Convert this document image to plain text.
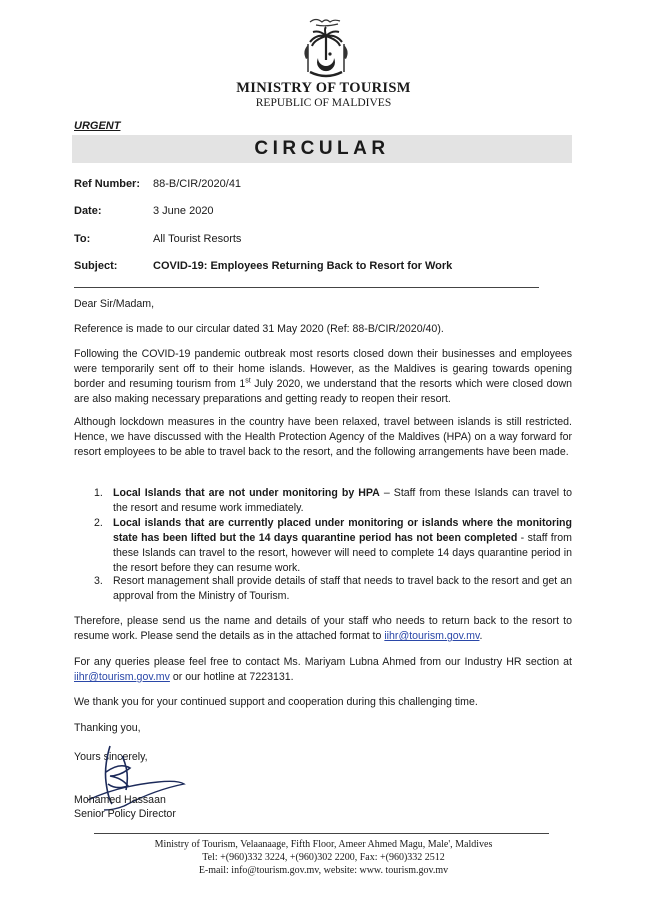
MINISTRY OF TOURISM
REPUBLIC OF MALDIVES
URGENT
CIRCULAR
Ref Number: 88-B/CIR/2020/41
Date:	3 June 2020
To:	All Tourist Resorts
Subject:	COVID-19: Employees Returning Back to Resort for Work
Dear Sir/Madam,
Reference is made to our circular dated 31 May 2020 (Ref: 88-B/CIR/2020/40).
Following the COVID-19 pandemic outbreak most resorts closed down their businesses and employees were temporarily sent off to their home islands. However, as the Maldives is gearing towards opening border and resuming tourism from 1st July 2020, we understand that the resorts which were closed down are also making necessary preparations and getting ready to reopen their resort.
Although lockdown measures in the country have been relaxed, travel between islands is still restricted. Hence, we have discussed with the Health Protection Agency of the Maldives (HPA) on a way forward for resort employees to be able to travel back to the resort, and the following arrangements have been made.
1. Local Islands that are not under monitoring by HPA – Staff from these Islands can travel to the resort and resume work immediately.
2. Local islands that are currently placed under monitoring or islands where the monitoring state has been lifted but the 14 days quarantine period has not been completed - staff from these Islands can travel to the resort, however will need to complete 14 days quarantine period in the resort before they can resume work.
3. Resort management shall provide details of staff that needs to travel back to the resort and get an approval from the Ministry of Tourism.
Therefore, please send us the name and details of your staff who needs to return back to the resort to resume work. Please send the details as in the attached format to iihr@tourism.gov.mv.
For any queries please feel free to contact Ms. Mariyam Lubna Ahmed from our Industry HR section at iihr@tourism.gov.mv or our hotline at 7223131.
We thank you for your continued support and cooperation during this challenging time.
Thanking you,
Yours sincerely,
Mohamed Hassaan
Senior Policy Director
Ministry of Tourism, Velaanaage, Fifth Floor, Ameer Ahmed Magu, Male', Maldives
Tel: +(960)332 3224, +(960)302 2200, Fax: +(960)332 2512
E-mail: info@tourism.gov.mv, website: www. tourism.gov.mv
